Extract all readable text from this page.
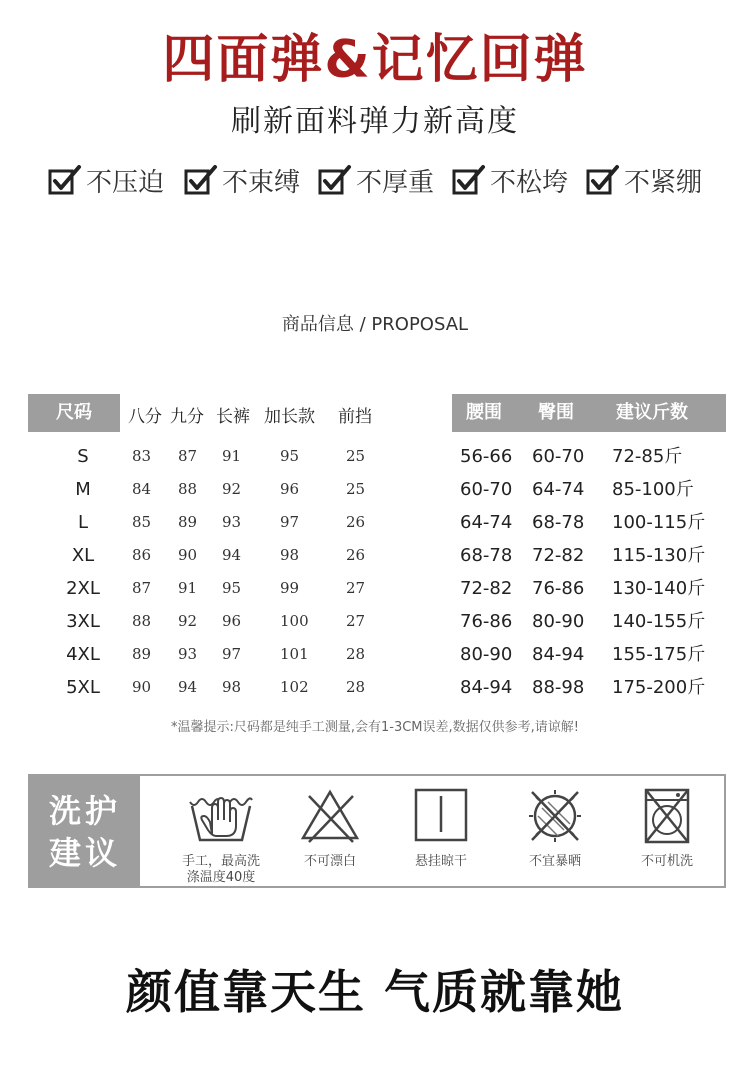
四面弹&记忆回弹
刷新面料弹力新高度
不压迫 不束缚 不厚重 不松垮 不紧绷
商品信息 / PROPOSAL
尺码	八分 九分 长裤 加长款 前挡	腰围 臀围 建议斤数
S	83 87 91	95	25	56-66 60-70 72-85斤
M	84 88 92	96	25	60-70 64-74 85-100斤
L	85 89 93	97	26	64-74 68-78 100-115斤
XL	86 90 94	98	26	68-78 72-82 115-130斤
2XL	87 91 95	99	27	72-82 76-86 130-140斤
3XL	88 92 96	100 27	76-86 80-90 140-155斤
4XL	89 93 97	101 28	80-90 84-94 155-175斤
5XL	90 94 98	102 28	84-94 88-98 175-200斤
*温馨提示:尺码都是纯手工测量,会有1-3CM误差,数据仅供参考,请谅解!
洗护
建议	手工，最高洗
涤温度40度
不可漂白	悬挂晾干	不宜暴晒	不可机洗
颜值靠天生 气质就靠她
